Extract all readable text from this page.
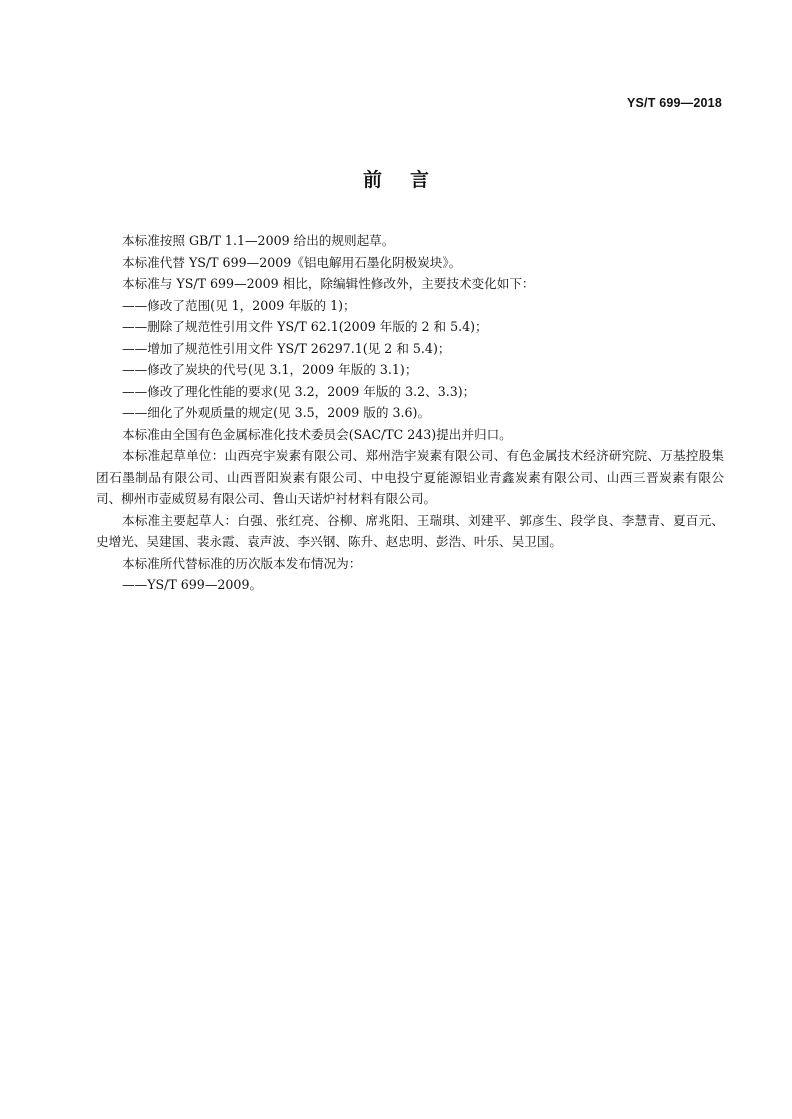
YS/T 699—2018
前言

本标准按照 GB/T 1.1—2009 给出的规则起草。

本标准代替 YS/T 699—2009《铝电解用石墨化阴极炭块》。

本标准与 YS/T 699—2009 相比，除编辑性修改外，主要技术变化如下：

——修改了范围(见 1，2009 年版的 1)；

——删除了规范性引用文件 YS/T 62.1(2009 年版的 2 和 5.4)；

——增加了规范性引用文件 YS/T 26297.1(见 2 和 5.4)；

——修改了炭块的代号(见 3.1，2009 年版的 3.1)；

——修改了理化性能的要求(见 3.2，2009 年版的 3.2、3.3)；

——细化了外观质量的规定(见 3.5，2009 版的 3.6)。

本标准由全国有色金属标准化技术委员会(SAC/TC 243)提出并归口。

本标准起草单位：山西亮宇炭素有限公司、郑州浩宇炭素有限公司、有色金属技术经济研究院、万基控股集团石墨制品有限公司、山西晋阳炭素有限公司、中电投宁夏能源铝业青鑫炭素有限公司、山西三晋炭素有限公司、柳州市壶威贸易有限公司、鲁山天诺炉衬材料有限公司。

本标准主要起草人：白强、张红亮、谷柳、席兆阳、王瑞琪、刘建平、郭彦生、段学良、李慧青、夏百元、史增光、吴建国、裴永霞、袁声波、李兴钢、陈升、赵忠明、彭浩、叶乐、吴卫国。

本标准所代替标准的历次版本发布情况为：

——YS/T 699—2009。
